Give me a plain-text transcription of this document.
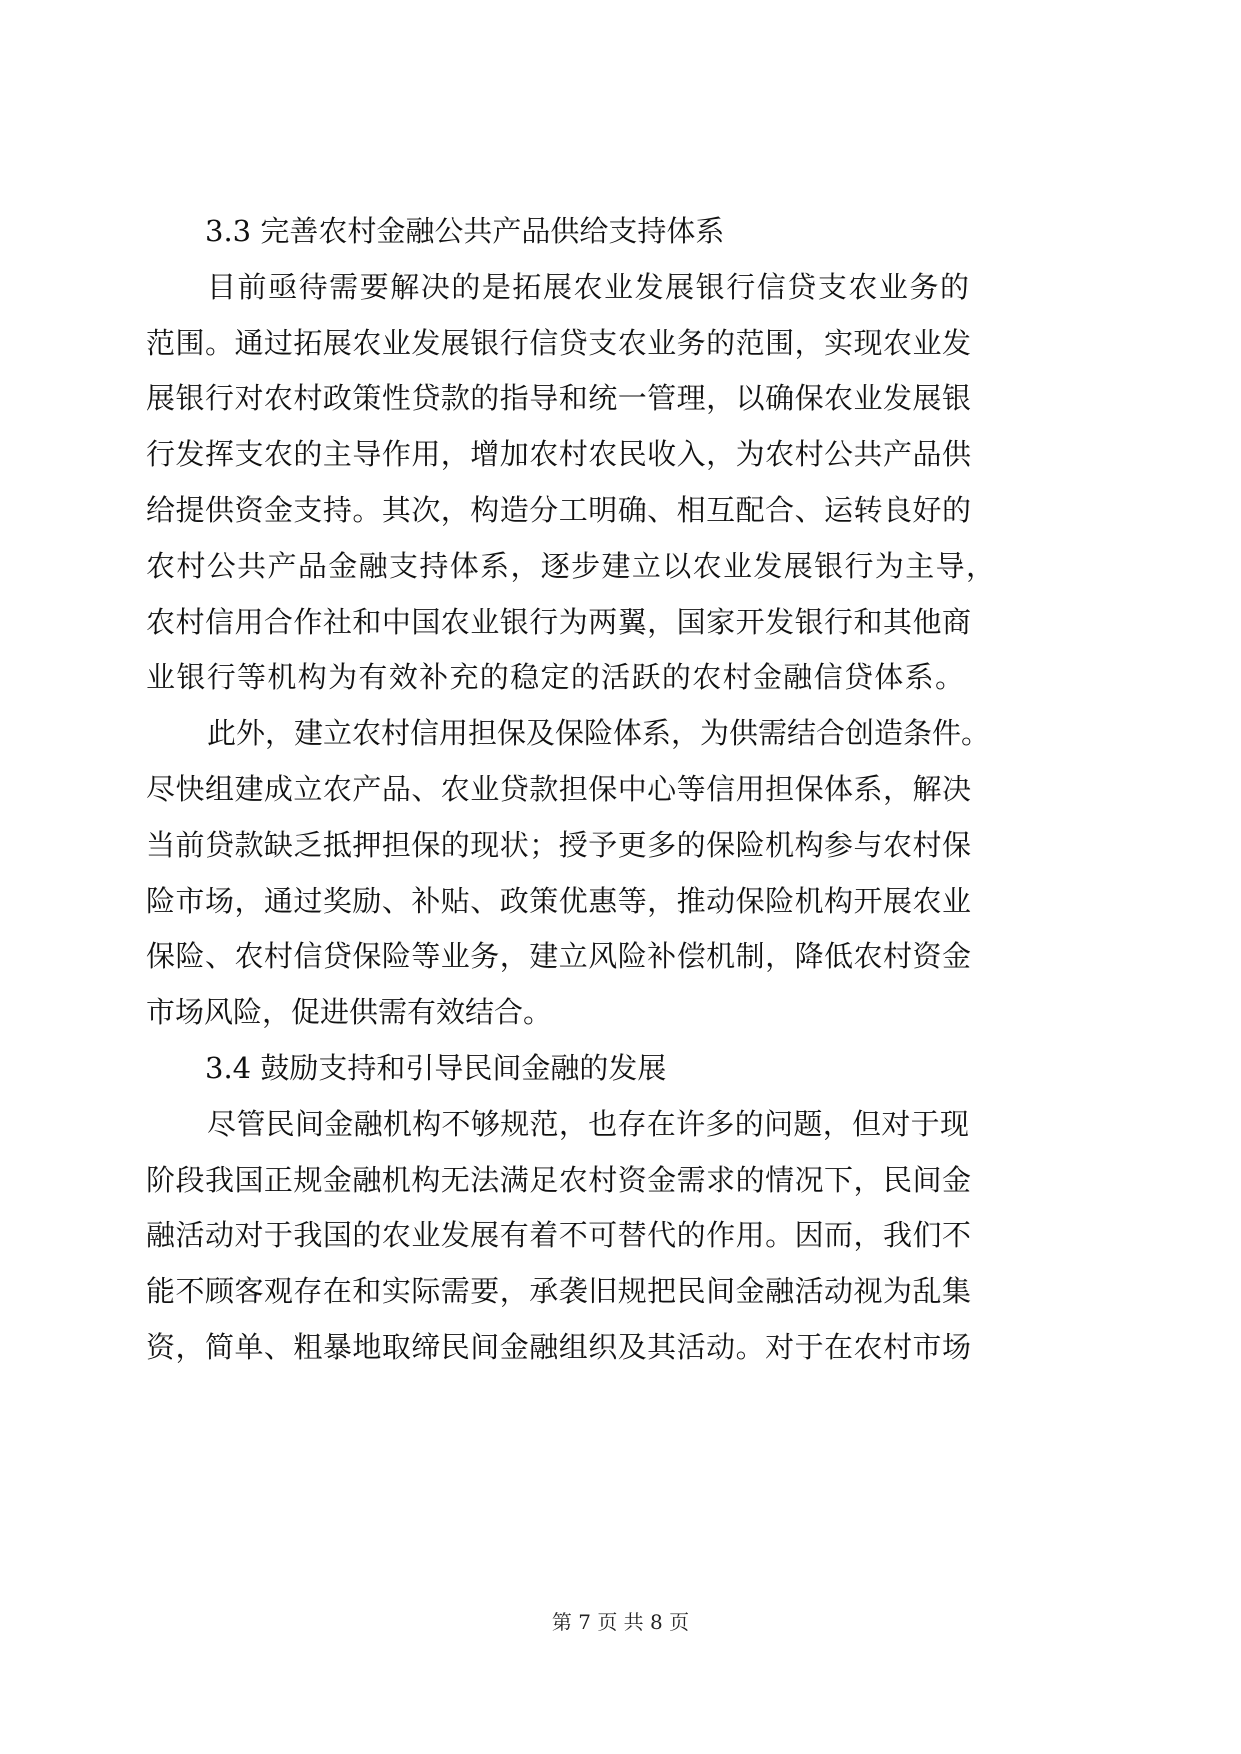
3.3 完善农村金融公共产品供给支持体系
目前亟待需要解决的是拓展农业发展银行信贷支农业务的
范围。通过拓展农业发展银行信贷支农业务的范围，实现农业发
展银行对农村政策性贷款的指导和统一管理，以确保农业发展银
行发挥支农的主导作用，增加农村农民收入，为农村公共产品供
给提供资金支持。其次，构造分工明确、相互配合、运转良好的
农村公共产品金融支持体系，逐步建立以农业发展银行为主导，
农村信用合作社和中国农业银行为两翼，国家开发银行和其他商
业银行等机构为有效补充的稳定的活跃的农村金融信贷体系。
此外，建立农村信用担保及保险体系，为供需结合创造条件。
尽快组建成立农产品、农业贷款担保中心等信用担保体系，解决
当前贷款缺乏抵押担保的现状；授予更多的保险机构参与农村保
险市场，通过奖励、补贴、政策优惠等，推动保险机构开展农业
保险、农村信贷保险等业务，建立风险补偿机制，降低农村资金
市场风险，促进供需有效结合。
3.4 鼓励支持和引导民间金融的发展
尽管民间金融机构不够规范，也存在许多的问题，但对于现
阶段我国正规金融机构无法满足农村资金需求的情况下，民间金
融活动对于我国的农业发展有着不可替代的作用。因而，我们不
能不顾客观存在和实际需要，承袭旧规把民间金融活动视为乱集
资，简单、粗暴地取缔民间金融组织及其活动。对于在农村市场
第 7 页 共 8 页
